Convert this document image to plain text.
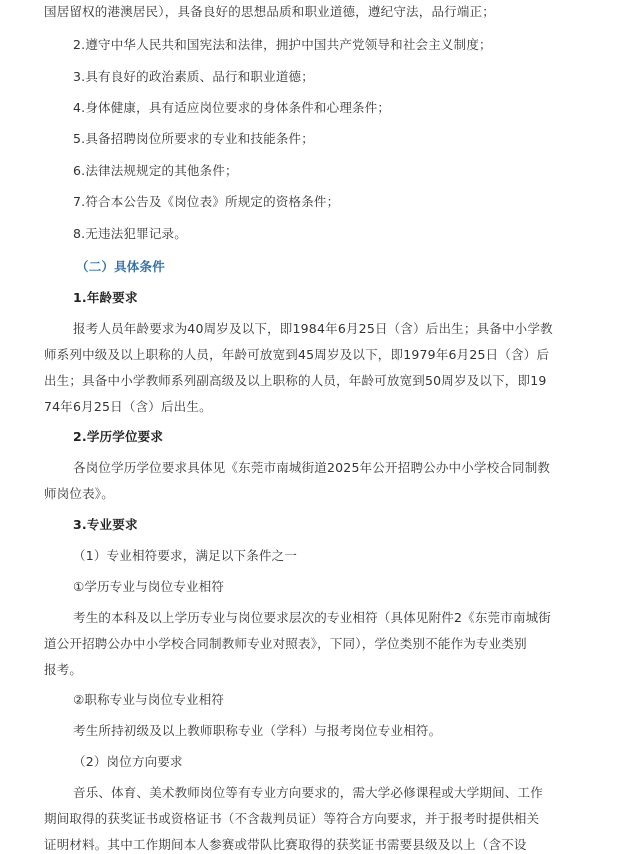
国居留权的港澳居民），具备良好的思想品质和职业道德，遵纪守法，品行端正；
2.遵守中华人民共和国宪法和法律，拥护中国共产党领导和社会主义制度；
3.具有良好的政治素质、品行和职业道德；
4.身体健康，具有适应岗位要求的身体条件和心理条件；
5.具备招聘岗位所要求的专业和技能条件；
6.法律法规规定的其他条件；
7.符合本公告及《岗位表》所规定的资格条件；
8.无违法犯罪记录。
（二）具体条件
1.年龄要求
报考人员年龄要求为40周岁及以下，即1984年6月25日（含）后出生；具备中小学教
师系列中级及以上职称的人员，年龄可放宽到45周岁及以下，即1979年6月25日（含）后
出生；具备中小学教师系列副高级及以上职称的人员，年龄可放宽到50周岁及以下，即19
74年6月25日（含）后出生。
2.学历学位要求
各岗位学历学位要求具体见《东莞市南城街道2025年公开招聘公办中小学校合同制教
师岗位表》。
3.专业要求
（1）专业相符要求，满足以下条件之一
①学历专业与岗位专业相符
考生的本科及以上学历专业与岗位要求层次的专业相符（具体见附件2《东莞市南城街
道公开招聘公办中小学校合同制教师专业对照表》，下同），学位类别不能作为专业类别
报考。
②职称专业与岗位专业相符
考生所持初级及以上教师职称专业（学科）与报考岗位专业相符。
（2）岗位方向要求
音乐、体育、美术教师岗位等有专业方向要求的，需大学必修课程或大学期间、工作
期间取得的获奖证书或资格证书（不含裁判员证）等符合方向要求，并于报考时提供相关
证明材料。其中工作期间本人参赛或带队比赛取得的获奖证书需要县级及以上（含不设
